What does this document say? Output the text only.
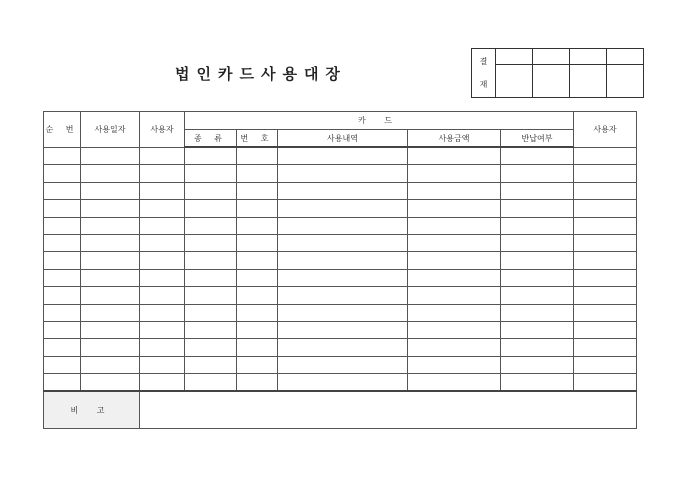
법인카드사용대장
결
재				

순 번	사용일자	사용자	카 드					사용자
			종 류	번 호	사용내역	사용금액	반납여부	

비 고								
